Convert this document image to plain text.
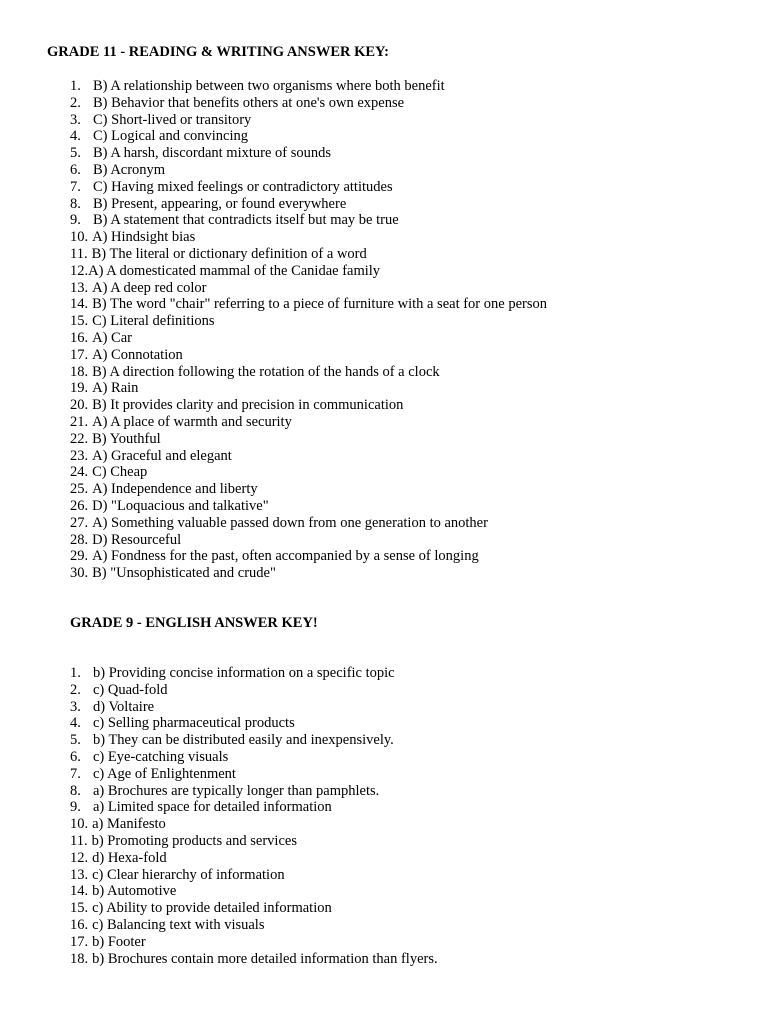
GRADE 11 - READING & WRITING ANSWER KEY:
1. B) A relationship between two organisms where both benefit
2. B) Behavior that benefits others at one's own expense
3. C) Short-lived or transitory
4. C) Logical and convincing
5. B) A harsh, discordant mixture of sounds
6. B) Acronym
7. C) Having mixed feelings or contradictory attitudes
8. B) Present, appearing, or found everywhere
9. B) A statement that contradicts itself but may be true
10. A) Hindsight bias
11. B) The literal or dictionary definition of a word
12. A) A domesticated mammal of the Canidae family
13. A) A deep red color
14. B) The word "chair" referring to a piece of furniture with a seat for one person
15. C) Literal definitions
16. A) Car
17. A) Connotation
18. B) A direction following the rotation of the hands of a clock
19. A) Rain
20. B) It provides clarity and precision in communication
21. A) A place of warmth and security
22. B) Youthful
23. A) Graceful and elegant
24. C) Cheap
25. A) Independence and liberty
26. D) "Loquacious and talkative"
27. A) Something valuable passed down from one generation to another
28. D) Resourceful
29. A) Fondness for the past, often accompanied by a sense of longing
30. B) "Unsophisticated and crude"
GRADE 9 - ENGLISH ANSWER KEY!
1. b) Providing concise information on a specific topic
2. c) Quad-fold
3. d) Voltaire
4. c) Selling pharmaceutical products
5. b) They can be distributed easily and inexpensively.
6. c) Eye-catching visuals
7. c) Age of Enlightenment
8. a) Brochures are typically longer than pamphlets.
9. a) Limited space for detailed information
10. a) Manifesto
11. b) Promoting products and services
12. d) Hexa-fold
13. c) Clear hierarchy of information
14. b) Automotive
15. c) Ability to provide detailed information
16. c) Balancing text with visuals
17. b) Footer
18. b) Brochures contain more detailed information than flyers.
